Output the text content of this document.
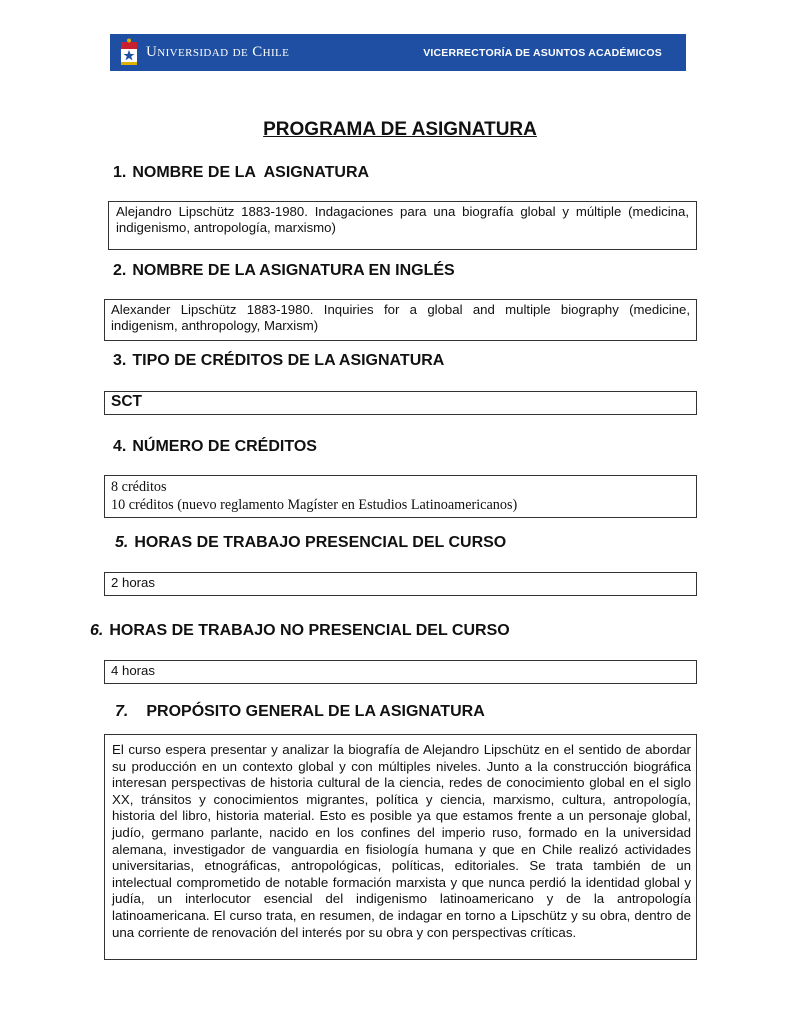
Universidad de Chile	VICERRECTORÍA DE ASUNTOS ACADÉMICOS
PROGRAMA DE ASIGNATURA
1. NOMBRE DE LA  ASIGNATURA
Alejandro Lipschütz 1883-1980. Indagaciones para una biografía global y múltiple (medicina, indigenismo, antropología, marxismo)
2. NOMBRE DE LA ASIGNATURA EN INGLÉS
Alexander Lipschütz 1883-1980. Inquiries for a global and multiple biography (medicine, indigenism, anthropology, Marxism)
3. TIPO DE CRÉDITOS DE LA ASIGNATURA
SCT
4. NÚMERO DE CRÉDITOS
8 créditos
10 créditos (nuevo reglamento Magíster en Estudios Latinoamericanos)
5. HORAS DE TRABAJO PRESENCIAL DEL CURSO
2 horas
6. HORAS DE TRABAJO NO PRESENCIAL DEL CURSO
4 horas
7. PROPÓSITO GENERAL DE LA ASIGNATURA
El curso espera presentar y analizar la biografía de Alejandro Lipschütz en el sentido de abordar su producción en un contexto global y con múltiples niveles. Junto a la construcción biográfica interesan perspectivas de historia cultural de la ciencia, redes de conocimiento global en el siglo XX, tránsitos y conocimientos migrantes, política y ciencia, marxismo, cultura, antropología, historia del libro, historia material. Esto es posible ya que estamos frente a un personaje global, judío, germano parlante, nacido en los confines del imperio ruso, formado en la universidad alemana, investigador de vanguardia en fisiología humana y que en Chile realizó actividades universitarias, etnográficas, antropológicas, políticas, editoriales. Se trata también de un intelectual comprometido de notable formación marxista y que nunca perdió la identidad global y judía, un interlocutor esencial del indigenismo latinoamericano y de la antropología latinoamericana. El curso trata, en resumen, de indagar en torno a Lipschütz y su obra, dentro de una corriente de renovación del interés por su obra y con perspectivas críticas.
